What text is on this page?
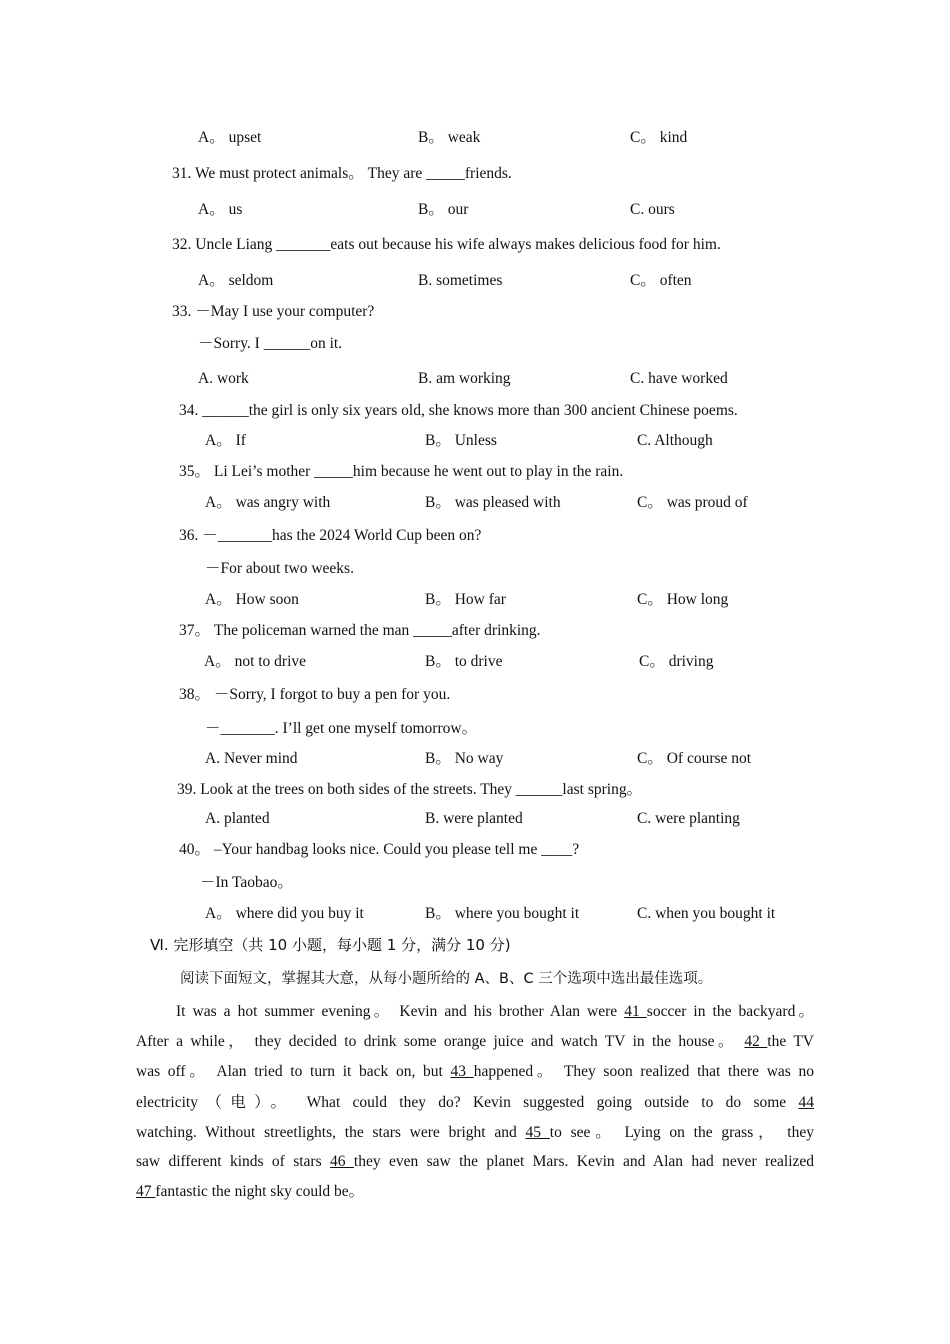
A。 upset	B。 weak	C。 kind
31. We must protect animals。 They are _____friends.
A。 us	B。 our	C. ours
32. Uncle Liang _______eats out because his wife always makes delicious food for him.
A。 seldom	B. sometimes	C。 often
33. －May I use your computer?
－Sorry. I ______on it.
A. work	B. am working	C. have worked
34. ______the girl is only six years old, she knows more than 300 ancient Chinese poems.
A。 If	B。 Unless	C. Although
35。 Li Lei’s mother _____him because he went out to play in the rain.
A。 was angry with	B。 was pleased with	C。 was proud of
36. －_______has the 2024 World Cup been on?
－For about two weeks.
A。 How soon	B。 How far	C。 How long
37。 The policeman warned the man _____after drinking.
A。 not to drive	B。 to drive	C。 driving
38。 －Sorry, I forgot to buy a pen for you.
－_______. I’ll get one myself tomorrow。
A. Never mind	B。 No way	C。 Of course not
39. Look at the trees on both sides of the streets. They ______last spring。
A. planted	B. were planted	C. were planting
40。 –Your handbag looks nice. Could you please tell me ____?
－In Taobao。
A。 where did you buy it	B。 where you bought it	C. when you bought it
Ⅵ. 完形填空（共 10 小题，每小题 1 分，满分 10 分)
阅读下面短文，掌握其大意，从每小题所给的 A、B、C 三个选项中选出最佳选项。
It was a hot summer evening。 Kevin and his brother Alan were 41 soccer in the backyard。
After a while， they decided to drink some orange juice and watch TV in the house。 42 the TV
was off。 Alan tried to turn it back on, but 43 happened。 They soon realized that there was no
electricity（电）。 What could they do? Kevin suggested going outside to do some 44
watching. Without streetlights, the stars were bright and 45 to see。 Lying on the grass， they
saw different kinds of stars 46 they even saw the planet Mars. Kevin and Alan had never realized
47 fantastic the night sky could be。
